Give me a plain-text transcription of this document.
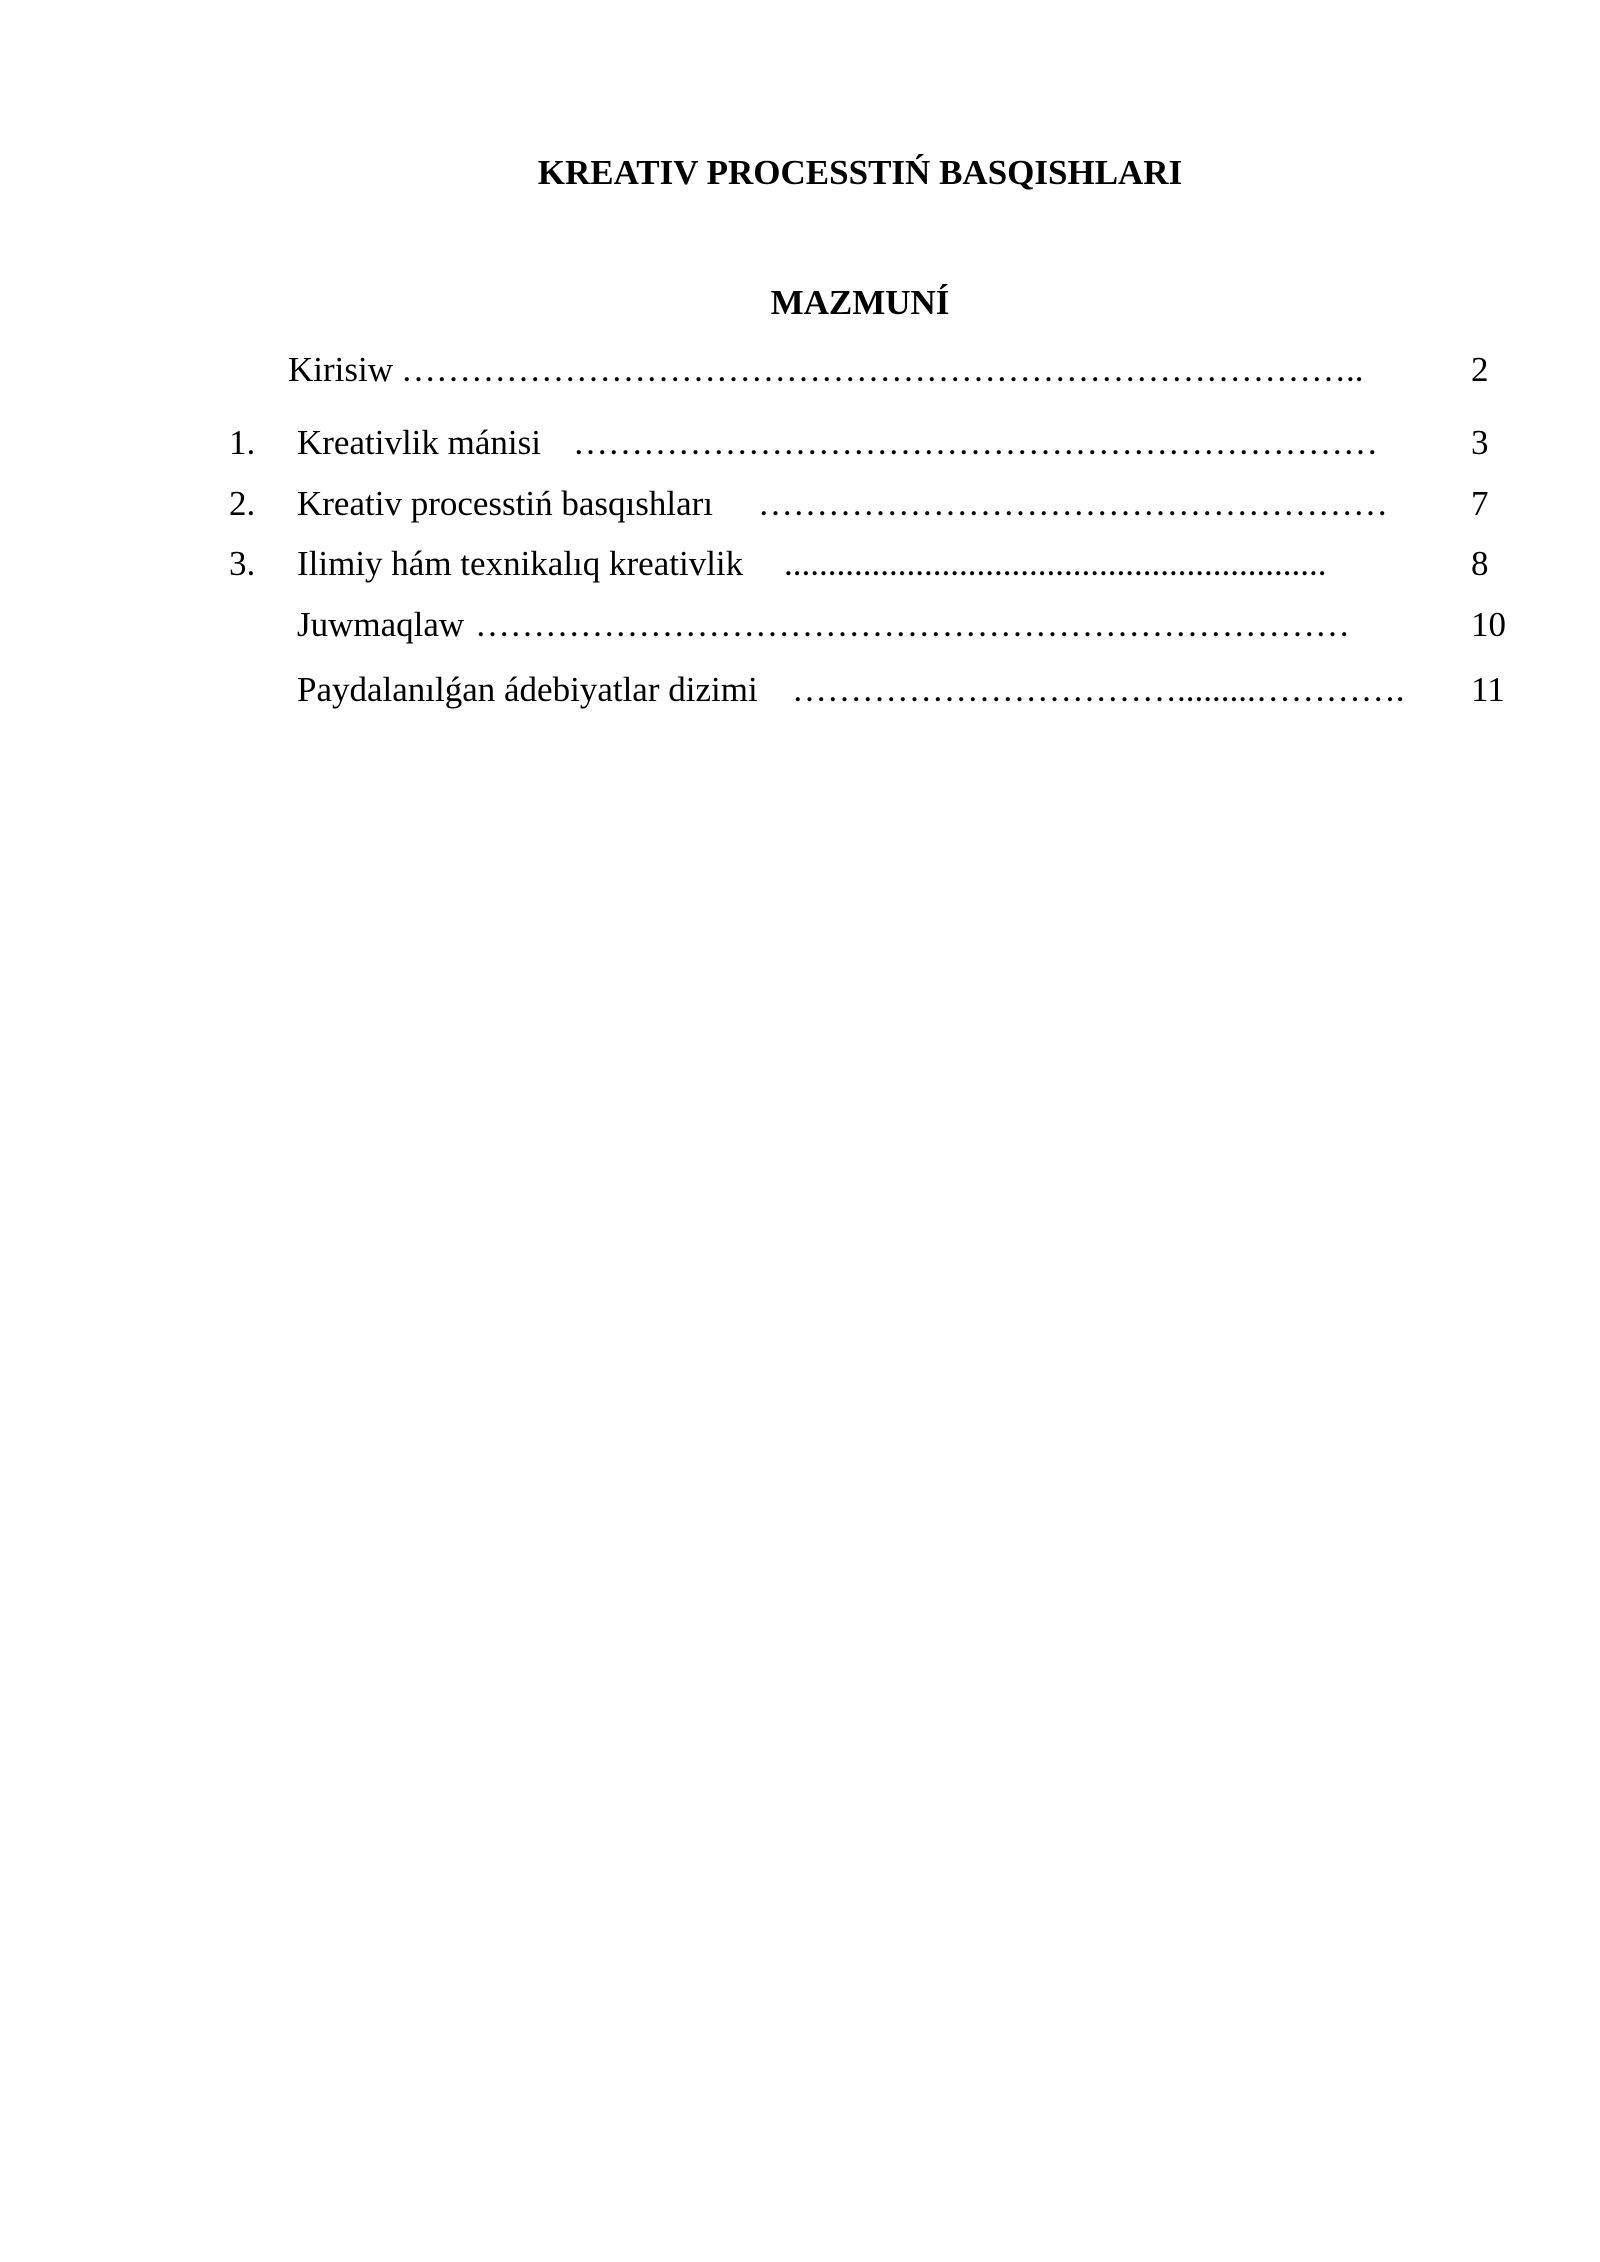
KREATIV PROCESSTIŃ BASQISHLARI
MAZMUNÍ
Kirisiw ………………………………………………………………………..	2
1. Kreativlik mánisi ……………………………………………………………	3
2. Kreativ processtiń basqıshları ………………………………………………	7
3. Ilimiy hám texnikalıq kreativlik ..............................................................	8
Juwmaqlaw …………………………………………………………………	10
Paydalanılǵan ádebiyatlar dizimi …………………………….........………….	11
